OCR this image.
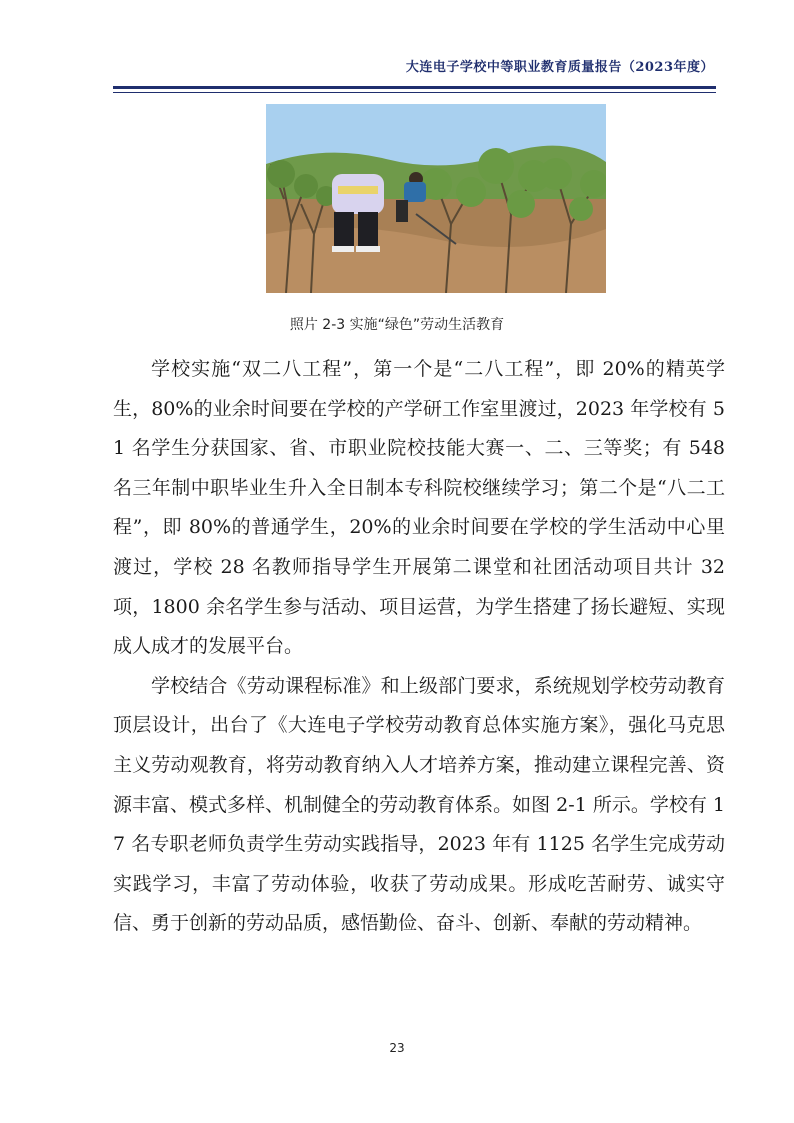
大连电子学校中等职业教育质量报告（2023年度）
照片 2-3 实施“绿色”劳动生活教育

学校实施“双二八工程”，第一个是“二八工程”，即 20%的精英学生，80%的业余时间要在学校的产学研工作室里渡过，2023 年学校有 51 名学生分获国家、省、市职业院校技能大赛一、二、三等奖；有 548 名三年制中职毕业生升入全日制本专科院校继续学习；第二个是“八二工程”，即 80%的普通学生，20%的业余时间要在学校的学生活动中心里渡过，学校 28 名教师指导学生开展第二课堂和社团活动项目共计 32 项，1800 余名学生参与活动、项目运营，为学生搭建了扬长避短、实现成人成才的发展平台。

学校结合《劳动课程标准》和上级部门要求，系统规划学校劳动教育顶层设计，出台了《大连电子学校劳动教育总体实施方案》，强化马克思主义劳动观教育，将劳动教育纳入人才培养方案，推动建立课程完善、资源丰富、模式多样、机制健全的劳动教育体系。如图 2-1 所示。学校有 17 名专职老师负责学生劳动实践指导，2023 年有 1125 名学生完成劳动实践学习，丰富了劳动体验，收获了劳动成果。形成吃苦耐劳、诚实守信、勇于创新的劳动品质，感悟勤俭、奋斗、创新、奉献的劳动精神。

23
